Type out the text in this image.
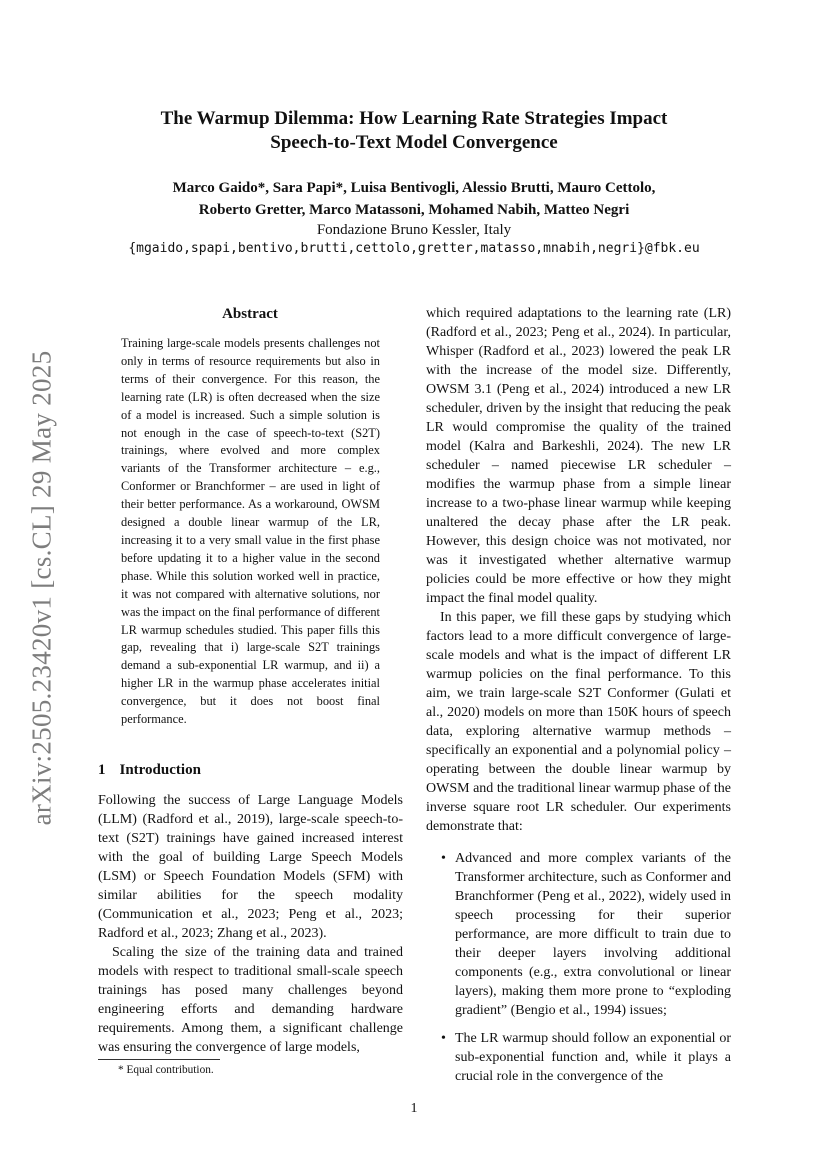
arXiv:2505.23420v1 [cs.CL] 29 May 2025
The Warmup Dilemma: How Learning Rate Strategies Impact
Speech-to-Text Model Convergence
Marco Gaido*, Sara Papi*, Luisa Bentivogli, Alessio Brutti, Mauro Cettolo,
Roberto Gretter, Marco Matassoni, Mohamed Nabih, Matteo Negri
Fondazione Bruno Kessler, Italy
{mgaido,spapi,bentivo,brutti,cettolo,gretter,matasso,mnabih,negri}@fbk.eu
Abstract
Training large-scale models presents challenges not only in terms of resource requirements but also in terms of their convergence. For this reason, the learning rate (LR) is often decreased when the size of a model is increased. Such a simple solution is not enough in the case of speech-to-text (S2T) trainings, where evolved and more complex variants of the Transformer architecture – e.g., Conformer or Branchformer – are used in light of their better performance. As a workaround, OWSM designed a double linear warmup of the LR, increasing it to a very small value in the first phase before updating it to a higher value in the second phase. While this solution worked well in practice, it was not compared with alternative solutions, nor was the impact on the final performance of different LR warmup schedules studied. This paper fills this gap, revealing that i) large-scale S2T trainings demand a sub-exponential LR warmup, and ii) a higher LR in the warmup phase accelerates initial convergence, but it does not boost final performance.
1 Introduction

Following the success of Large Language Models (LLM) (Radford et al., 2019), large-scale speech-to-text (S2T) trainings have gained increased interest with the goal of building Large Speech Models (LSM) or Speech Foundation Models (SFM) with similar abilities for the speech modality (Communication et al., 2023; Peng et al., 2023; Radford et al., 2023; Zhang et al., 2023).

Scaling the size of the training data and trained models with respect to traditional small-scale speech trainings has posed many challenges beyond engineering efforts and demanding hardware requirements. Among them, a significant challenge was ensuring the convergence of large models,

* Equal contribution.

which required adaptations to the learning rate (LR) (Radford et al., 2023; Peng et al., 2024). In particular, Whisper (Radford et al., 2023) lowered the peak LR with the increase of the model size. Differently, OWSM 3.1 (Peng et al., 2024) introduced a new LR scheduler, driven by the insight that reducing the peak LR would compromise the quality of the trained model (Kalra and Barkeshli, 2024). The new LR scheduler – named piecewise LR scheduler – modifies the warmup phase from a simple linear increase to a two-phase linear warmup while keeping unaltered the decay phase after the LR peak. However, this design choice was not motivated, nor was it investigated whether alternative warmup policies could be more effective or how they might impact the final model quality.

In this paper, we fill these gaps by studying which factors lead to a more difficult convergence of large-scale models and what is the impact of different LR warmup policies on the final performance. To this aim, we train large-scale S2T Conformer (Gulati et al., 2020) models on more than 150K hours of speech data, exploring alternative warmup methods – specifically an exponential and a polynomial policy – operating between the double linear warmup by OWSM and the traditional linear warmup phase of the inverse square root LR scheduler. Our experiments demonstrate that:

• Advanced and more complex variants of the Transformer architecture, such as Conformer and Branchformer (Peng et al., 2022), widely used in speech processing for their superior performance, are more difficult to train due to their deeper layers involving additional components (e.g., extra convolutional or linear layers), making them more prone to “exploding gradient” (Bengio et al., 1994) issues;
• The LR warmup should follow an exponential or sub-exponential function and, while it plays a crucial role in the convergence of the
1
